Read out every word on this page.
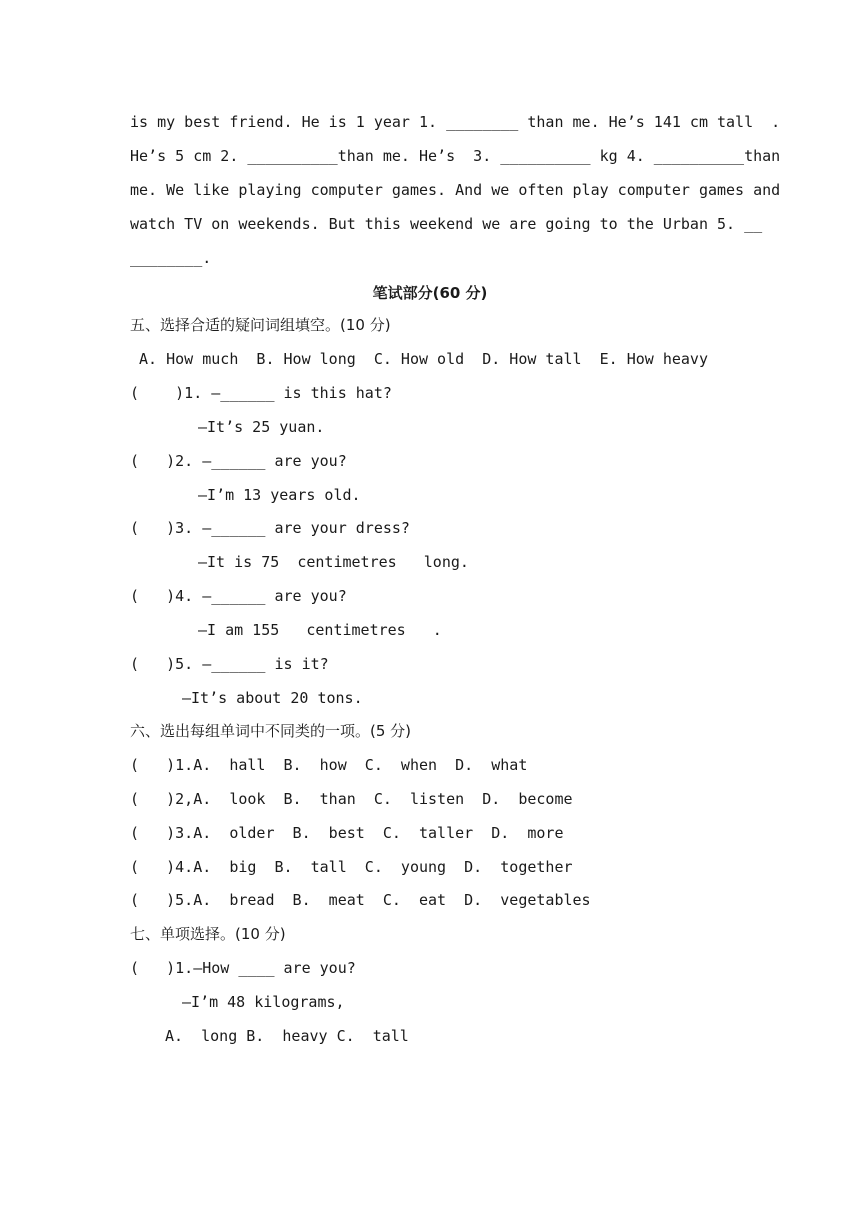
is my best friend. He is 1 year 1. ________ than me. He’s 141 cm tall  .
He’s 5 cm 2. __________than me. He’s  3. __________ kg 4. __________than
me. We like playing computer games. And we often play computer games and
watch TV on weekends. But this weekend we are going to the Urban 5. __
________.
笔试部分(60 分)
五、选择合适的疑问词组填空。(10 分)
A. How much  B. How long  C. How old  D. How tall  E. How heavy
(    )1. —______ is this hat?
—It’s 25 yuan.
(   )2. —______ are you?
—I’m 13 years old.
(   )3. —______ are your dress?
—It is 75  centimetres   long.
(   )4. —______ are you?
—I am 155   centimetres   .
(   )5. —______ is it?
—It’s about 20 tons.
六、选出每组单词中不同类的一项。(5 分)
(   )1.A.  hall  B.  how  C.  when  D.  what
(   )2,A.  look  B.  than  C.  listen  D.  become
(   )3.A.  older  B.  best  C.  taller  D.  more
(   )4.A.  big  B.  tall  C.  young  D.  together
(   )5.A.  bread  B.  meat  C.  eat  D.  vegetables
七、单项选择。(10 分)
(   )1.—How ____ are you?
—I’m 48 kilograms,
A.  long B.  heavy C.  tall
